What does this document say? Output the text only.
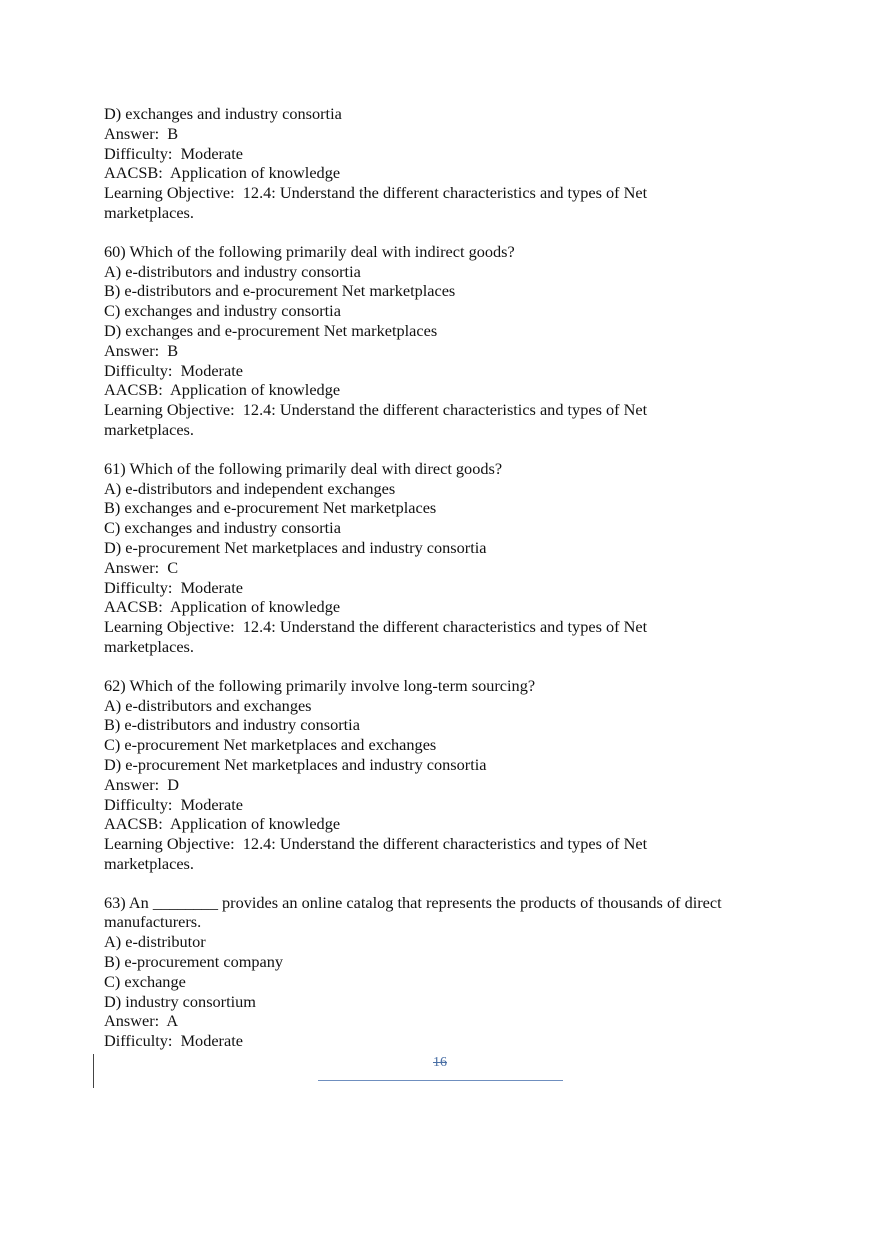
D) exchanges and industry consortia
Answer:  B
Difficulty:  Moderate
AACSB:  Application of knowledge
Learning Objective:  12.4: Understand the different characteristics and types of Net
marketplaces.
60) Which of the following primarily deal with indirect goods?
A) e-distributors and industry consortia
B) e-distributors and e-procurement Net marketplaces
C) exchanges and industry consortia
D) exchanges and e-procurement Net marketplaces
Answer:  B
Difficulty:  Moderate
AACSB:  Application of knowledge
Learning Objective:  12.4: Understand the different characteristics and types of Net
marketplaces.
61) Which of the following primarily deal with direct goods?
A) e-distributors and independent exchanges
B) exchanges and e-procurement Net marketplaces
C) exchanges and industry consortia
D) e-procurement Net marketplaces and industry consortia
Answer:  C
Difficulty:  Moderate
AACSB:  Application of knowledge
Learning Objective:  12.4: Understand the different characteristics and types of Net
marketplaces.
62) Which of the following primarily involve long-term sourcing?
A) e-distributors and exchanges
B) e-distributors and industry consortia
C) e-procurement Net marketplaces and exchanges
D) e-procurement Net marketplaces and industry consortia
Answer:  D
Difficulty:  Moderate
AACSB:  Application of knowledge
Learning Objective:  12.4: Understand the different characteristics and types of Net
marketplaces.
63) An ________ provides an online catalog that represents the products of thousands of direct
manufacturers.
A) e-distributor
B) e-procurement company
C) exchange
D) industry consortium
Answer:  A
Difficulty:  Moderate
16
